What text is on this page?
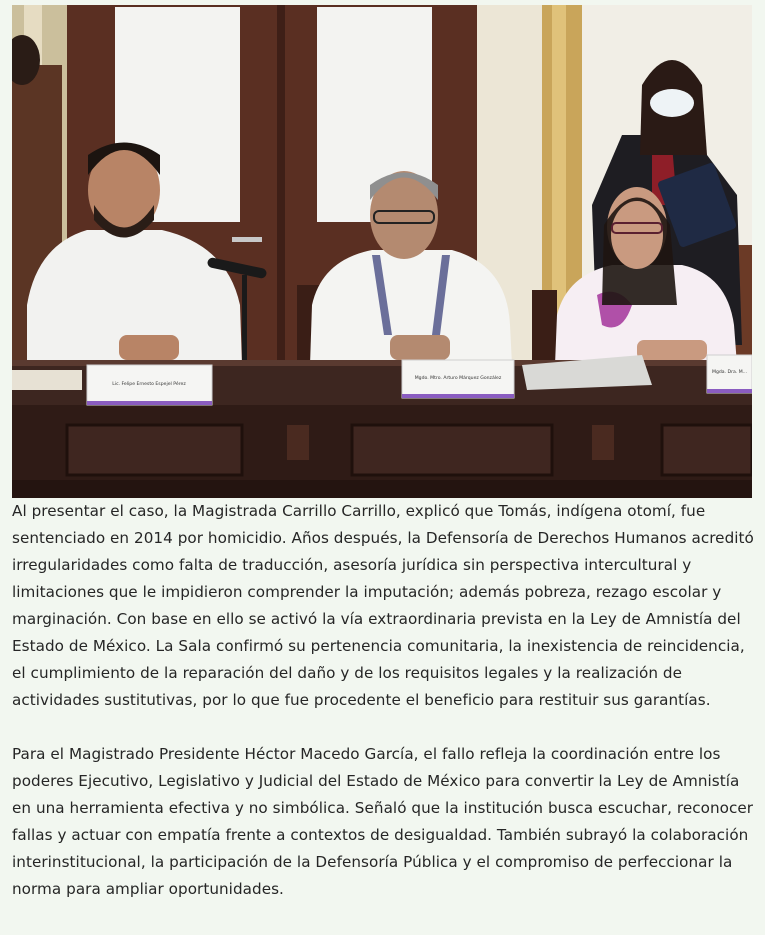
Lic. Felipe Ernesto Espejel Pérez
Mgdo. Mtro. Arturo Márquez González
Mgda. Dra. M...

Al presentar el caso, la Magistrada Carrillo Carrillo, explicó que Tomás, indígena otomí, fue sentenciado en 2014 por homicidio. Años después, la Defensoría de Derechos Humanos acreditó irregularidades como falta de traducción, asesoría jurídica sin perspectiva intercultural y limitaciones que le impidieron comprender la imputación; además pobreza, rezago escolar y marginación. Con base en ello se activó la vía extraordinaria prevista en la Ley de Amnistía del Estado de México. La Sala confirmó su pertenencia comunitaria, la inexistencia de reincidencia, el cumplimiento de la reparación del daño y de los requisitos legales y la realización de actividades sustitutivas, por lo que fue procedente el beneficio para restituir sus garantías.

Para el Magistrado Presidente Héctor Macedo García, el fallo refleja la coordinación entre los poderes Ejecutivo, Legislativo y Judicial del Estado de México para convertir la Ley de Amnistía en una herramienta efectiva y no simbólica. Señaló que la institución busca escuchar, reconocer fallas y actuar con empatía frente a contextos de desigualdad. También subrayó la colaboración interinstitucional, la participación de la Defensoría Pública y el compromiso de perfeccionar la norma para ampliar oportunidades.
